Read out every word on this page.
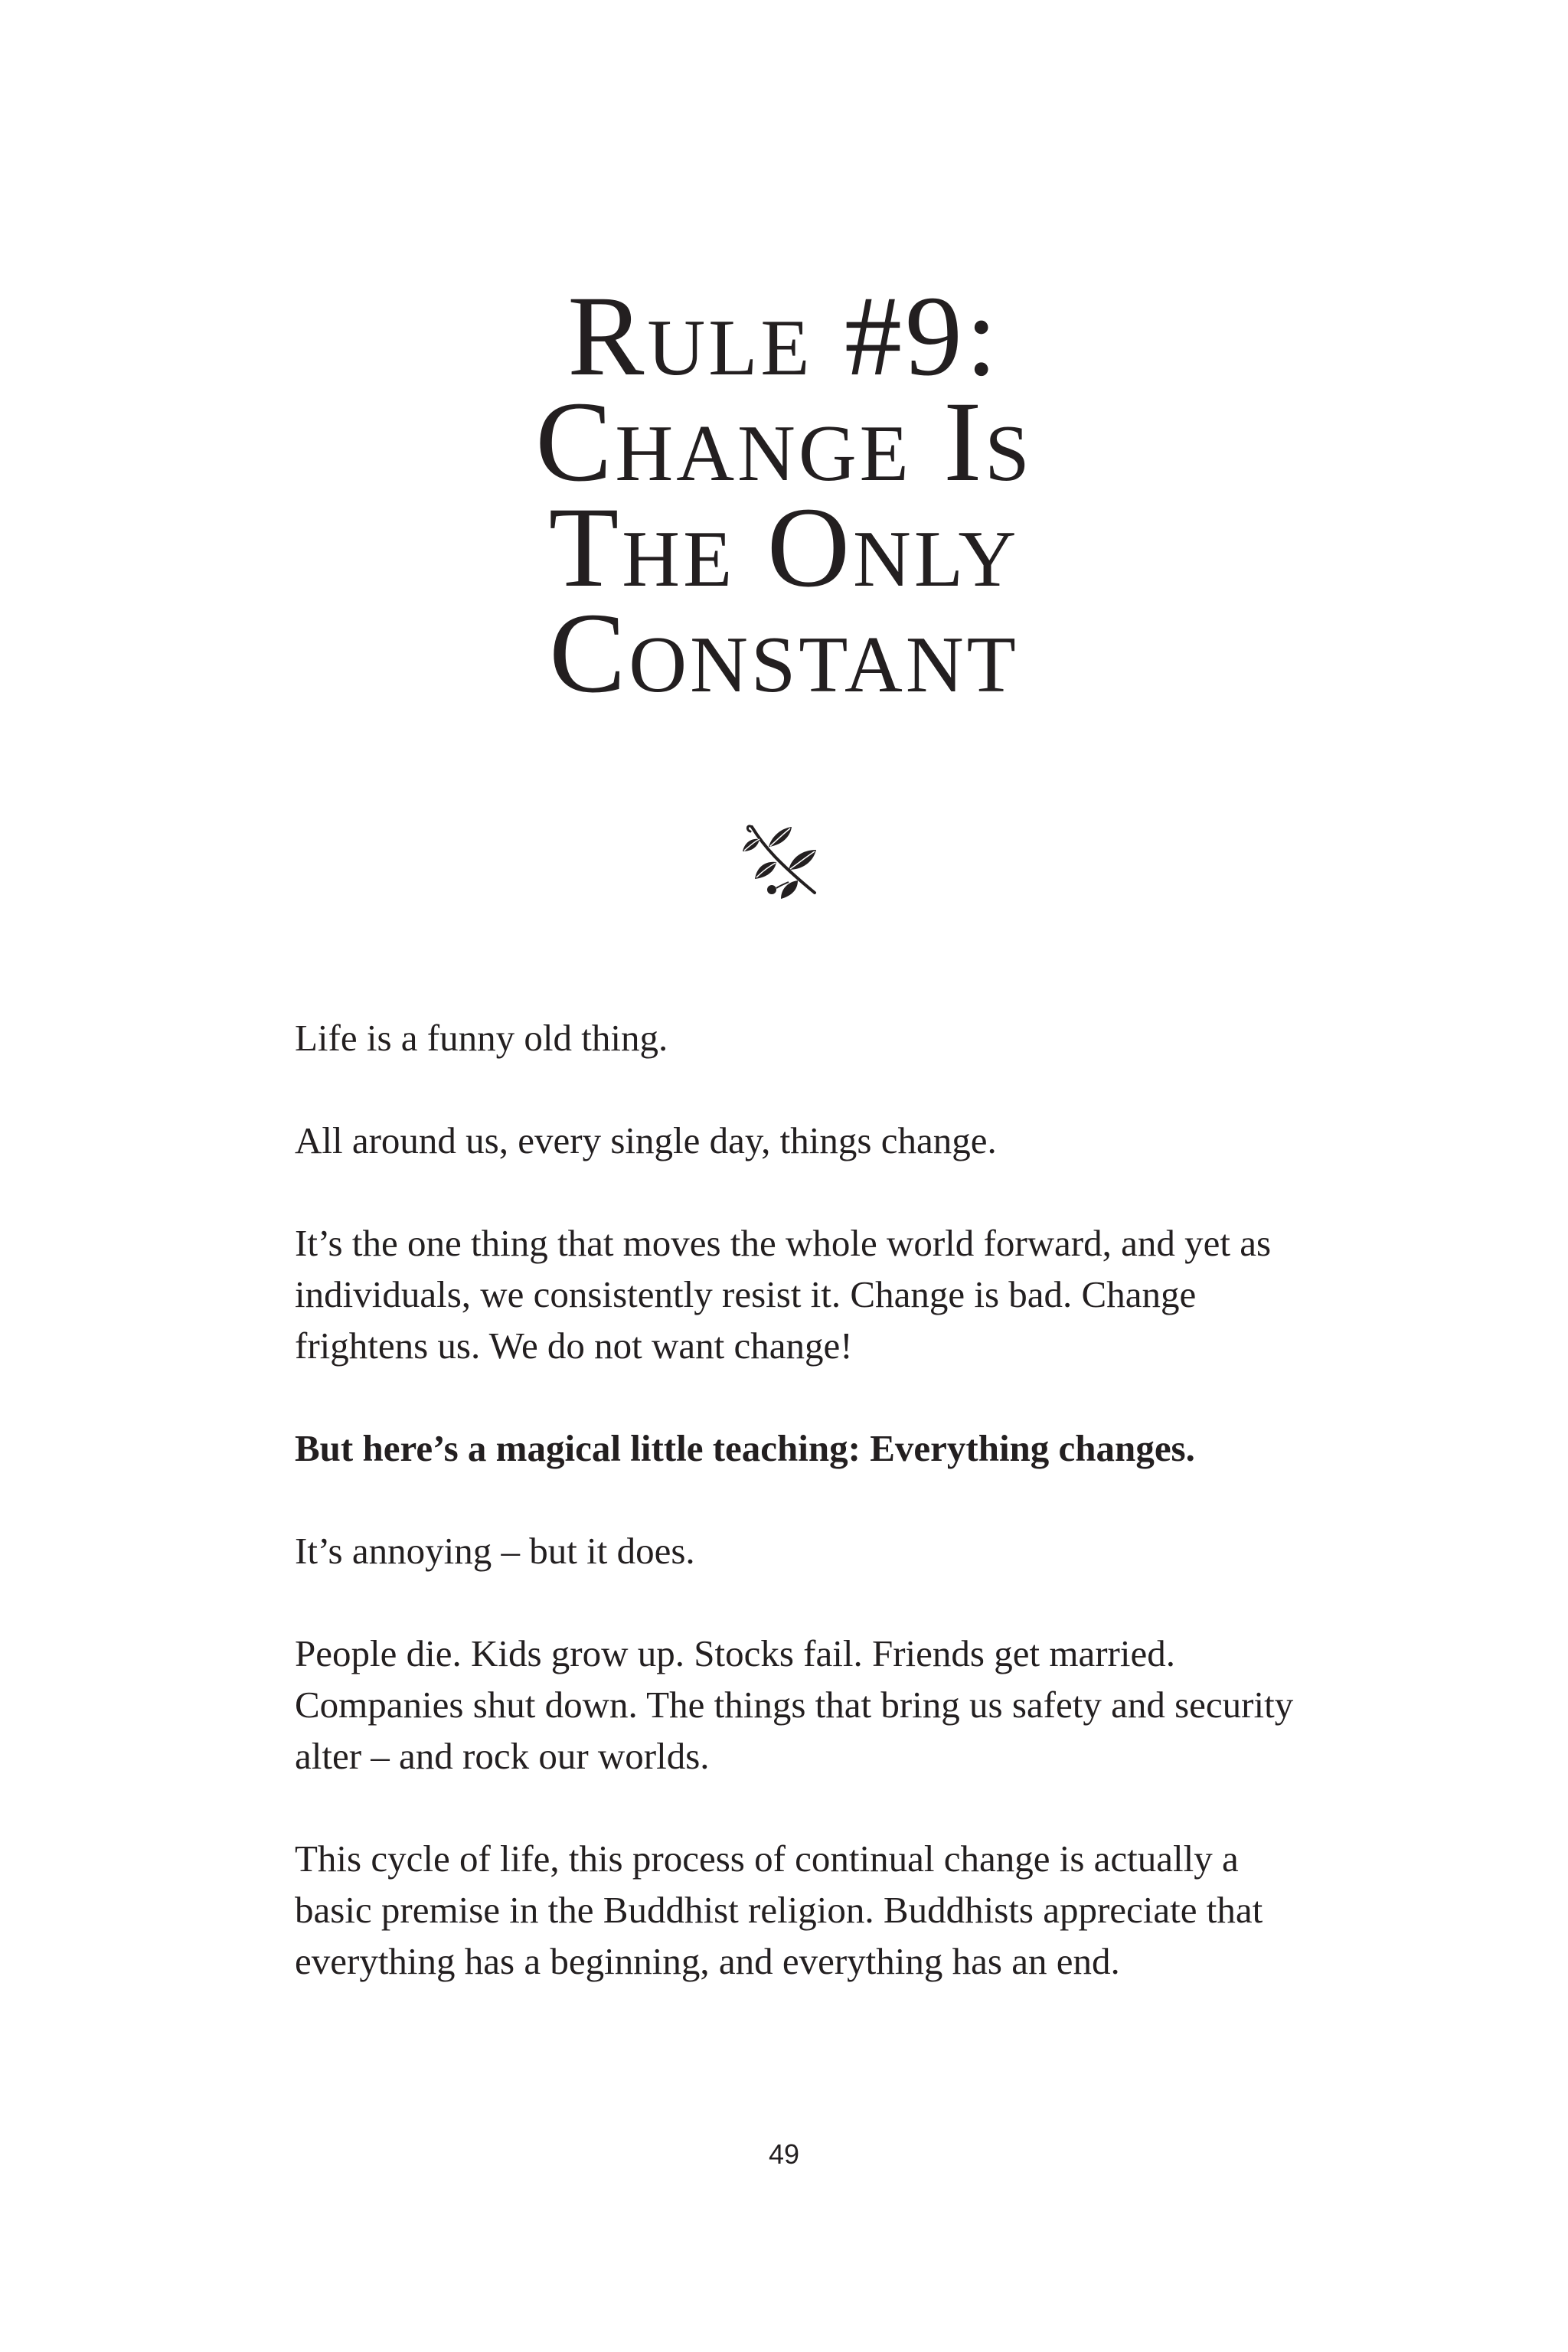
Rule #9:
Change Is
The Only
Constant

Life is a funny old thing.

All around us, every single day, things change.

It’s the one thing that moves the whole world forward, and yet as individuals, we consistently resist it. Change is bad. Change frightens us. We do not want change!

But here’s a magical little teaching: Everything changes.

It’s annoying – but it does.

People die. Kids grow up. Stocks fail. Friends get married. Companies shut down. The things that bring us safety and security alter – and rock our worlds.

This cycle of life, this process of continual change is actually a basic premise in the Buddhist religion. Buddhists appreciate that everything has a beginning, and everything has an end.

49
